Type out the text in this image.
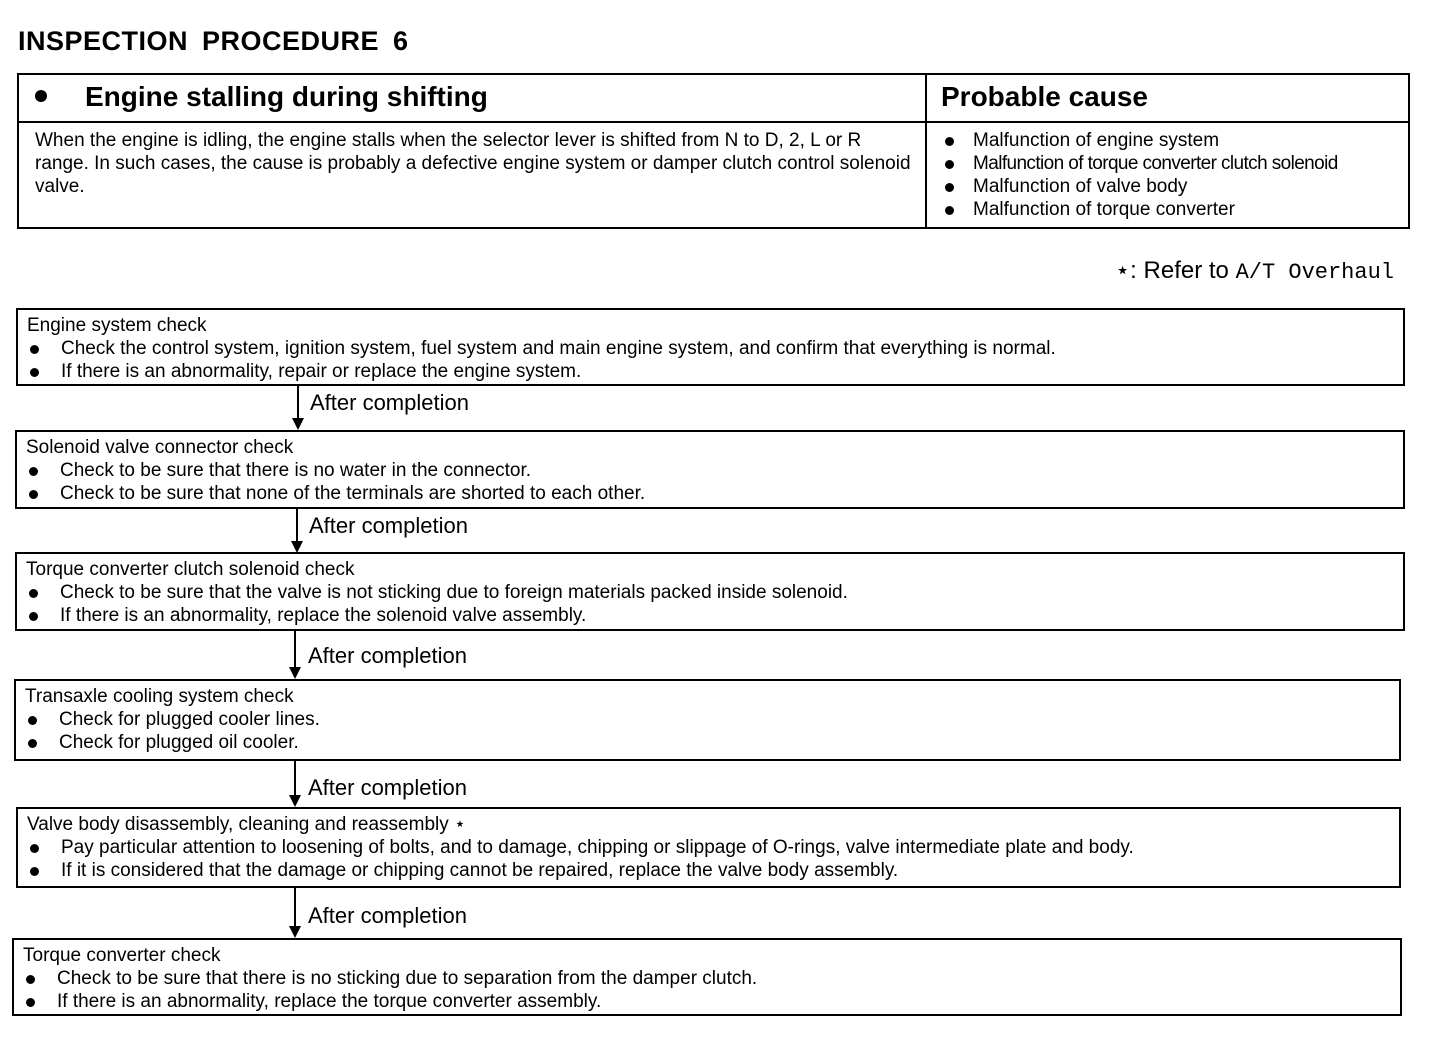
INSPECTION PROCEDURE 6
Engine stalling during shifting	Probable cause
When the engine is idling, the engine stalls when the selector lever is shifted from N to D, 2, L or R range. In such cases, the cause is probably a defective engine system or damper clutch control solenoid valve.
Malfunction of engine system
Malfunction of torque converter clutch solenoid
Malfunction of valve body
Malfunction of torque converter
⋆: Refer to A/T Overhaul
Engine system check
Check the control system, ignition system, fuel system and main engine system, and confirm that everything is normal.
If there is an abnormality, repair or replace the engine system.
After completion
Solenoid valve connector check
Check to be sure that there is no water in the connector.
Check to be sure that none of the terminals are shorted to each other.
After completion
Torque converter clutch solenoid check
Check to be sure that the valve is not sticking due to foreign materials packed inside solenoid.
If there is an abnormality, replace the solenoid valve assembly.
After completion
Transaxle cooling system check
Check for plugged cooler lines.
Check for plugged oil cooler.
After completion
Valve body disassembly, cleaning and reassembly ⋆
Pay particular attention to loosening of bolts, and to damage, chipping or slippage of O-rings, valve intermediate plate and body.
If it is considered that the damage or chipping cannot be repaired, replace the valve body assembly.
After completion
Torque converter check
Check to be sure that there is no sticking due to separation from the damper clutch.
If there is an abnormality, replace the torque converter assembly.
